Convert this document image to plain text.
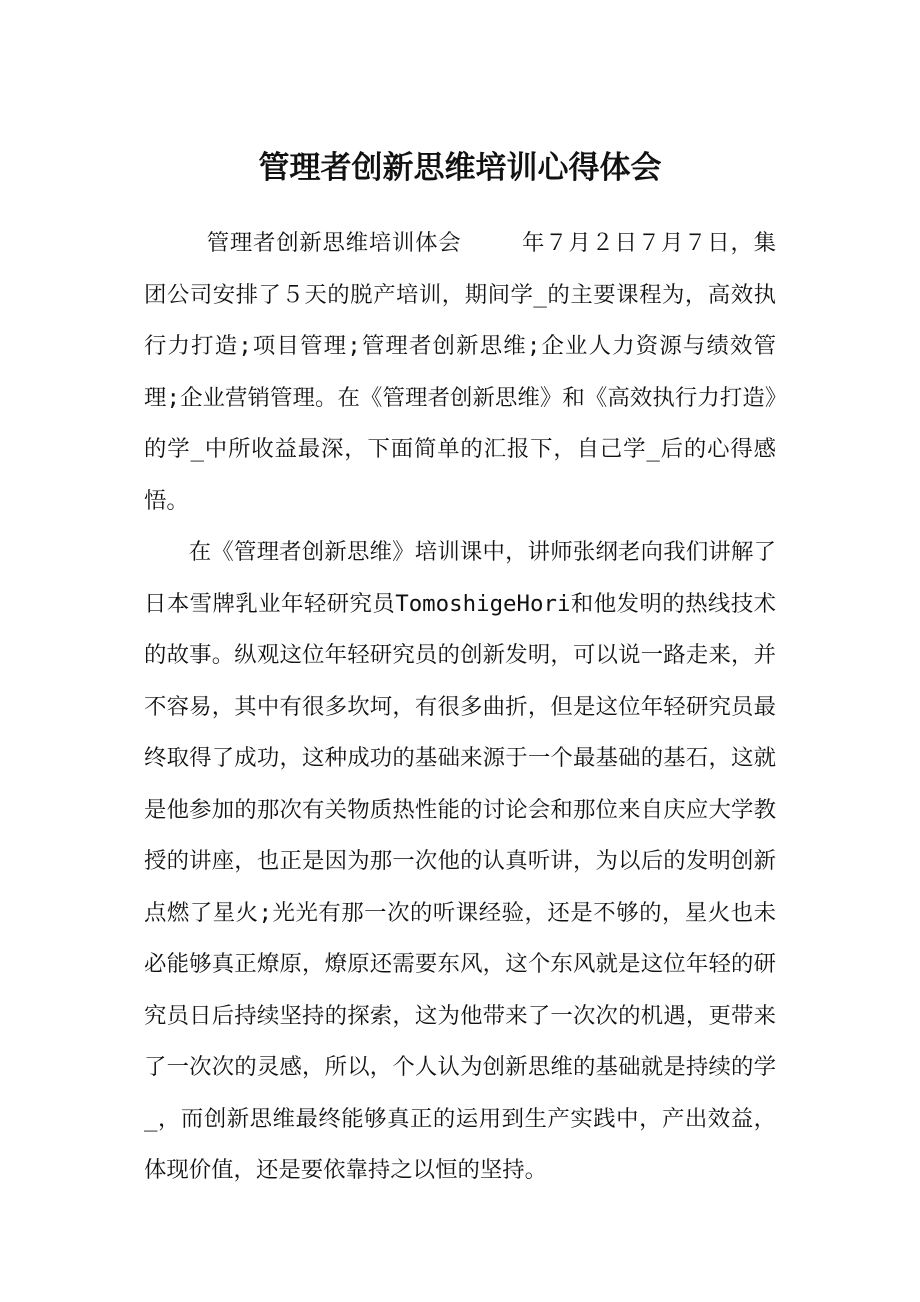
管理者创新思维培训心得体会

管理者创新思维培训体会　　 年７月２日７月７日，集团公司安排了５天的脱产培训，期间学_的主要课程为，高效执行力打造;项目管理;管理者创新思维;企业人力资源与绩效管理;企业营销管理。在《管理者创新思维》和《高效执行力打造》的学_中所收益最深，下面简单的汇报下，自己学_后的心得感悟。

在《管理者创新思维》培训课中，讲师张纲老向我们讲解了日本雪牌乳业年轻研究员TomoshigeHori和他发明的热线技术的故事。纵观这位年轻研究员的创新发明，可以说一路走来，并不容易，其中有很多坎坷，有很多曲折，但是这位年轻研究员最终取得了成功，这种成功的基础来源于一个最基础的基石，这就是他参加的那次有关物质热性能的讨论会和那位来自庆应大学教授的讲座，也正是因为那一次他的认真听讲，为以后的发明创新点燃了星火;光光有那一次的听课经验，还是不够的，星火也未必能够真正燎原，燎原还需要东风，这个东风就是这位年轻的研究员日后持续坚持的探索，这为他带来了一次次的机遇，更带来了一次次的灵感，所以，个人认为创新思维的基础就是持续的学_，而创新思维最终能够真正的运用到生产实践中，产出效益，体现价值，还是要依靠持之以恒的坚持。
